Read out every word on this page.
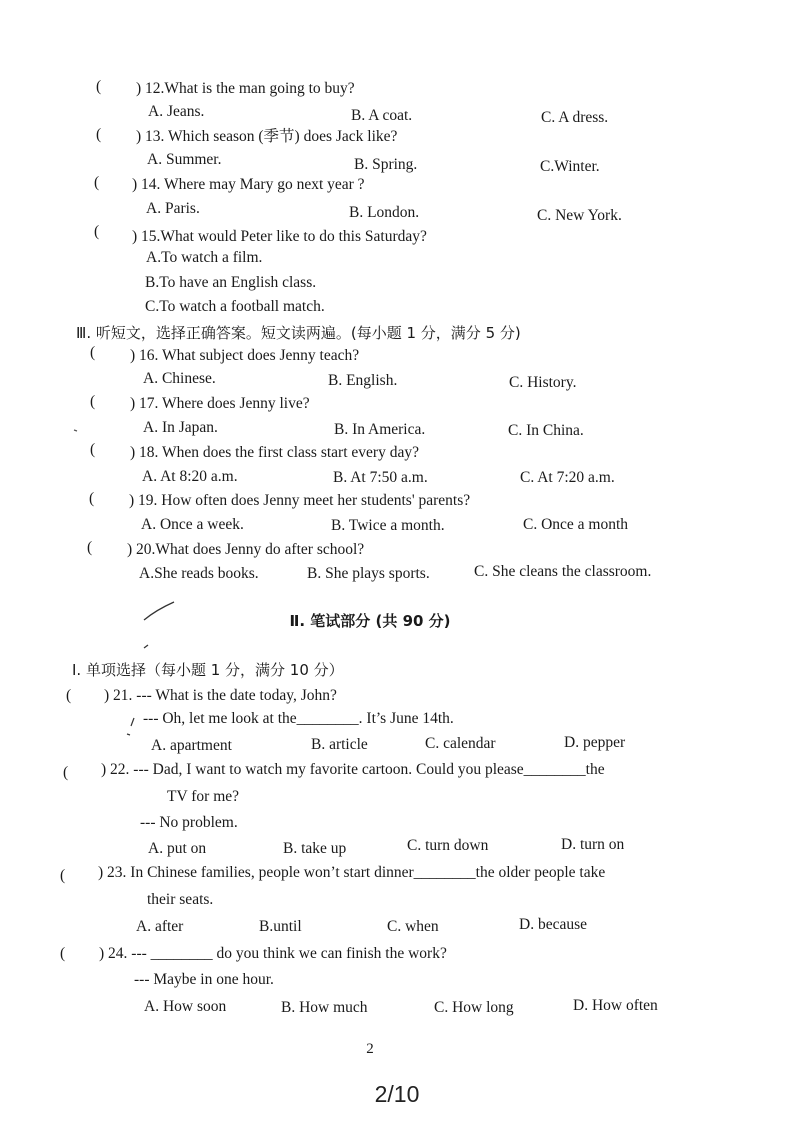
( ) 12.What is the man going to buy?
A. Jeans.	B. A coat.	C. A dress.
( ) 13. Which season (季节) does Jack like?
A. Summer.	B. Spring.	C.Winter.
( ) 14. Where may Mary go next year ?
A. Paris.	B. London.	C. New York.
( ) 15.What would Peter like to do this Saturday?
A.To watch a film.
B.To have an English class.
C.To watch a football match.
Ⅲ. 听短文，选择正确答案。短文读两遍。(每小题 1 分，满分 5 分)
( ) 16. What subject does Jenny teach?
A. Chinese.	B. English.	C. History.
( ) 17. Where does Jenny live?
A. In Japan.	B. In America.	C. In China.
( ) 18. When does the first class start every day?
A. At 8:20 a.m.	B. At 7:50 a.m.	C. At 7:20 a.m.
( ) 19. How often does Jenny meet her students' parents?
A. Once a week.	B. Twice a month.	C. Once a month
( ) 20.What does Jenny do after school?
A.She reads books.	B. She plays sports.	C. She cleans the classroom.
Ⅱ. 笔试部分 (共 90 分)
Ⅰ. 单项选择（每小题 1 分，满分 10 分）
( ) 21. --- What is the date today, John?
--- Oh, let me look at the________. It’s June 14th.
A. apartment	B. article	C. calendar	D. pepper
( ) 22. --- Dad, I want to watch my favorite cartoon. Could you please________the
TV for me?
--- No problem.
A. put on	B. take up	C. turn down	D. turn on
( ) 23. In Chinese families, people won’t start dinner________the older people take
their seats.
A. after	B.until	C. when	D. because
( ) 24. --- ________ do you think we can finish the work?
--- Maybe in one hour.
A. How soon	B. How much	C. How long	D. How often
2
2/10
